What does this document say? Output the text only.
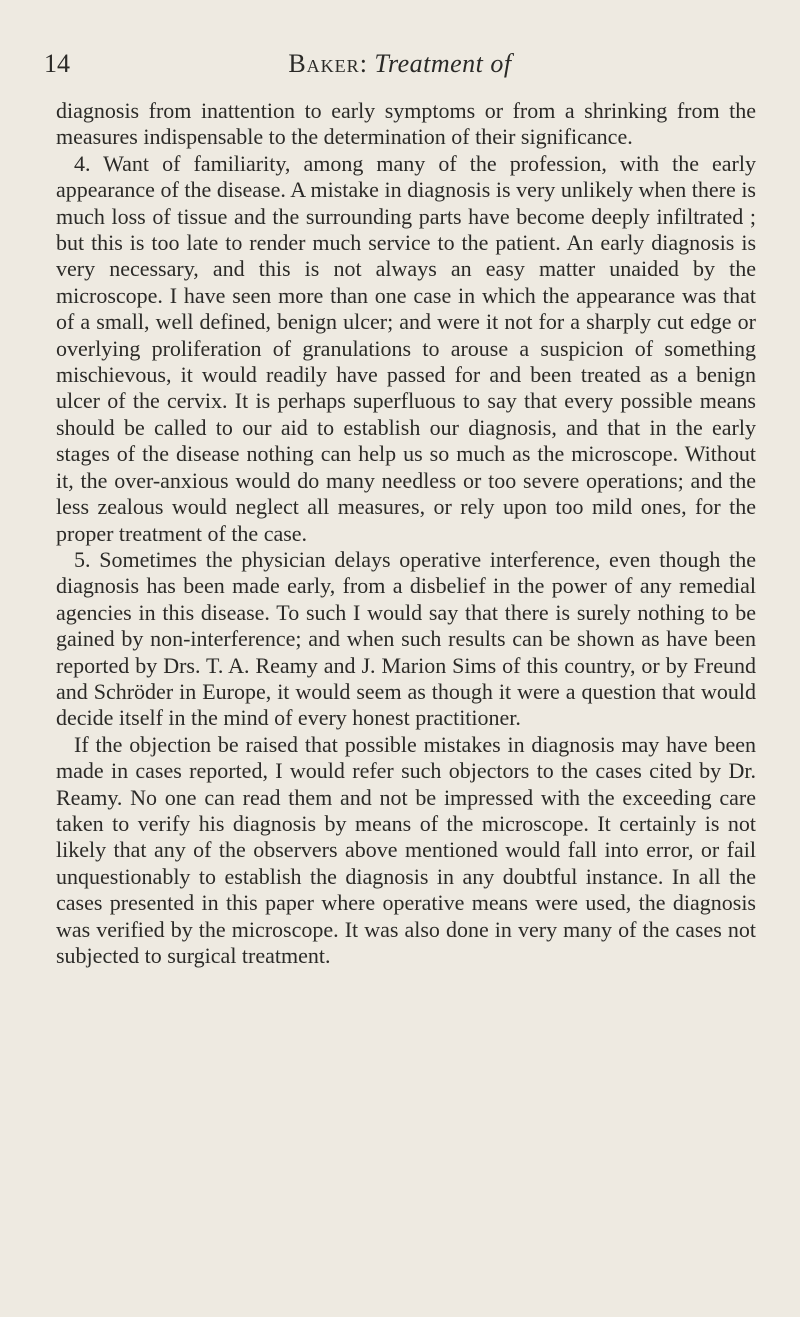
14	Baker: Treatment of

diagnosis from inattention to early symptoms or from a shrinking from the measures indispensable to the determination of their significance.

4. Want of familiarity, among many of the profession, with the early appearance of the disease. A mistake in diagnosis is very unlikely when there is much loss of tissue and the surrounding parts have become deeply infiltrated ; but this is too late to render much service to the patient. An early diagnosis is very necessary, and this is not always an easy matter unaided by the microscope. I have seen more than one case in which the appearance was that of a small, well defined, benign ulcer; and were it not for a sharply cut edge or overlying proliferation of granulations to arouse a suspicion of something mischievous, it would readily have passed for and been treated as a benign ulcer of the cervix. It is perhaps superfluous to say that every possible means should be called to our aid to establish our diagnosis, and that in the early stages of the disease nothing can help us so much as the microscope. Without it, the over-anxious would do many needless or too severe operations; and the less zealous would neglect all measures, or rely upon too mild ones, for the proper treatment of the case.

5. Sometimes the physician delays operative interference, even though the diagnosis has been made early, from a disbelief in the power of any remedial agencies in this disease. To such I would say that there is surely nothing to be gained by non-interference; and when such results can be shown as have been reported by Drs. T. A. Reamy and J. Marion Sims of this country, or by Freund and Schröder in Europe, it would seem as though it were a question that would decide itself in the mind of every honest practitioner.

If the objection be raised that possible mistakes in diagnosis may have been made in cases reported, I would refer such objectors to the cases cited by Dr. Reamy. No one can read them and not be impressed with the exceeding care taken to verify his diagnosis by means of the microscope. It certainly is not likely that any of the observers above mentioned would fall into error, or fail unquestionably to establish the diagnosis in any doubtful instance. In all the cases presented in this paper where operative means were used, the diagnosis was verified by the microscope. It was also done in very many of the cases not subjected to surgical treatment.
